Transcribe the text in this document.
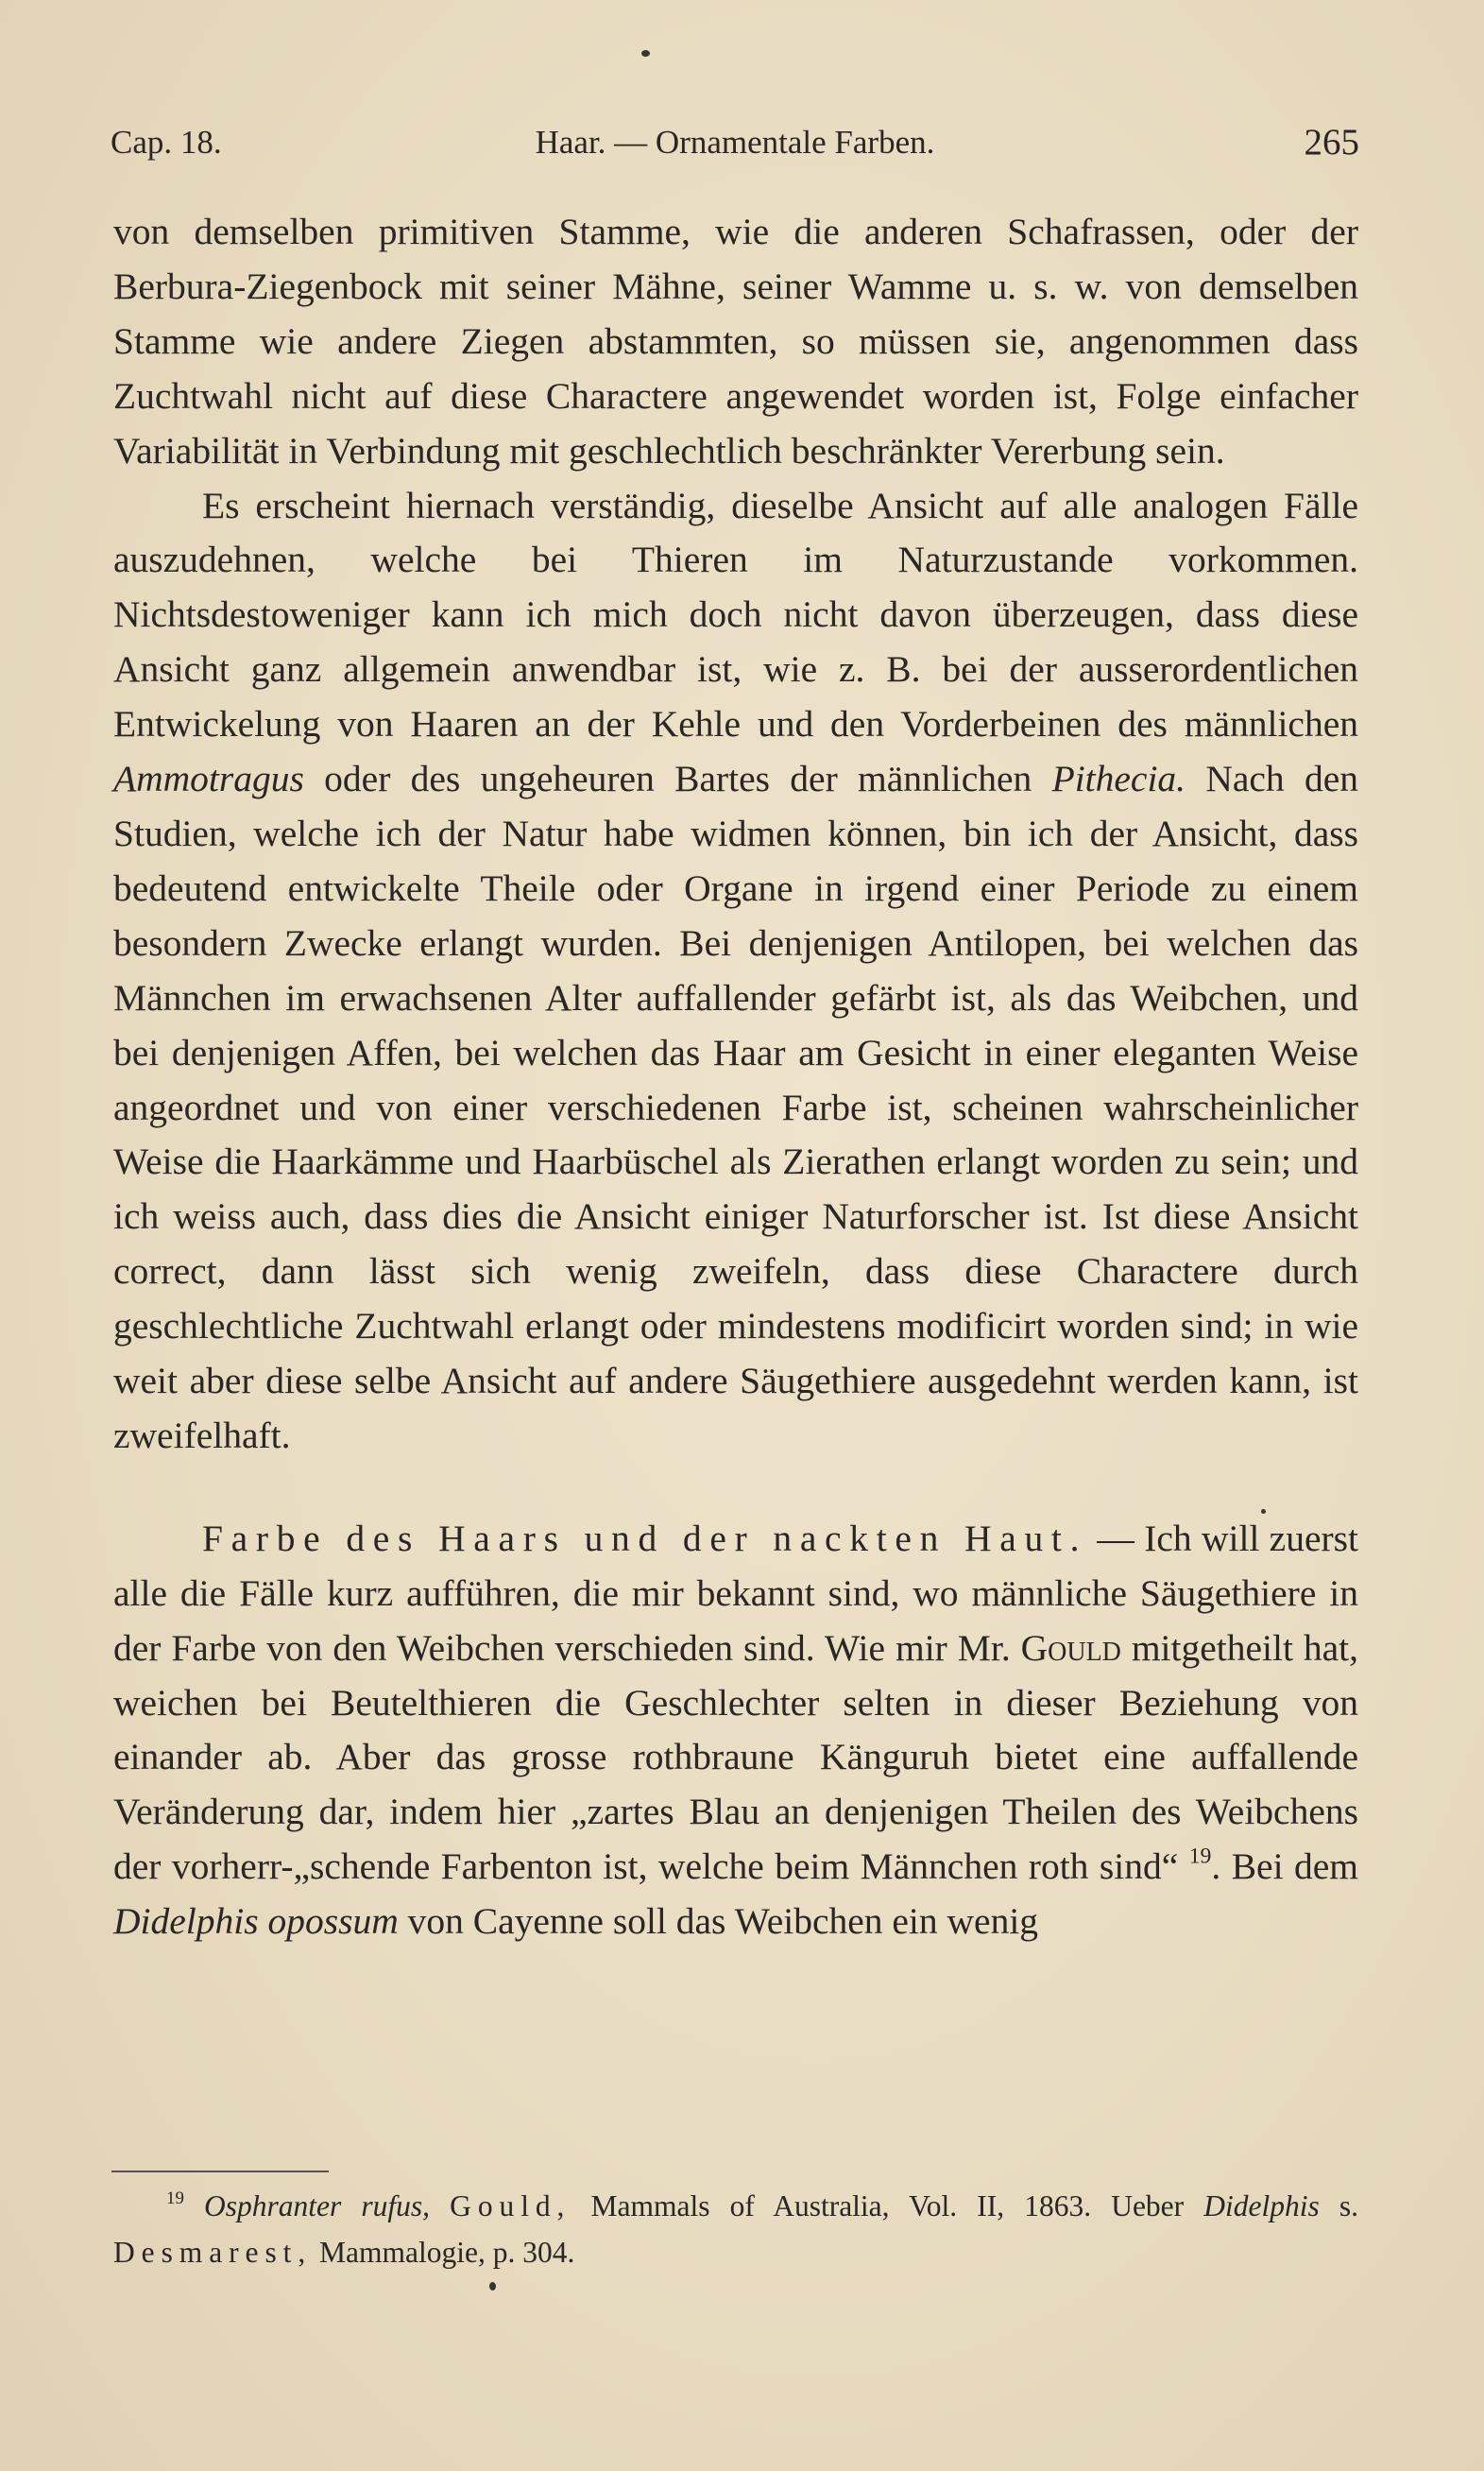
Cap. 18.	Haar. — Ornamentale Farben.	265

von demselben primitiven Stamme, wie die anderen Schafrassen, oder der Berbura-Ziegenbock mit seiner Mähne, seiner Wamme u. s. w. von demselben Stamme wie andere Ziegen abstammten, so müssen sie, angenommen dass Zuchtwahl nicht auf diese Charactere angewendet worden ist, Folge einfacher Variabilität in Verbindung mit geschlechtlich beschränkter Vererbung sein.

Es erscheint hiernach verständig, dieselbe Ansicht auf alle analogen Fälle auszudehnen, welche bei Thieren im Naturzustande vorkommen. Nichtsdestoweniger kann ich mich doch nicht davon überzeugen, dass diese Ansicht ganz allgemein anwendbar ist, wie z. B. bei der ausserordentlichen Entwickelung von Haaren an der Kehle und den Vorderbeinen des männlichen Ammotragus oder des ungeheuren Bartes der männlichen Pithecia. Nach den Studien, welche ich der Natur habe widmen können, bin ich der Ansicht, dass bedeutend entwickelte Theile oder Organe in irgend einer Periode zu einem besondern Zwecke erlangt wurden. Bei denjenigen Antilopen, bei welchen das Männchen im erwachsenen Alter auffallender gefärbt ist, als das Weibchen, und bei denjenigen Affen, bei welchen das Haar am Gesicht in einer eleganten Weise angeordnet und von einer verschiedenen Farbe ist, scheinen wahrscheinlicher Weise die Haarkämme und Haarbüschel als Zierathen erlangt worden zu sein; und ich weiss auch, dass dies die Ansicht einiger Naturforscher ist. Ist diese Ansicht correct, dann lässt sich wenig zweifeln, dass diese Charactere durch geschlechtliche Zuchtwahl erlangt oder mindestens modificirt worden sind; in wie weit aber diese selbe Ansicht auf andere Säugethiere ausgedehnt werden kann, ist zweifelhaft.

Farbe des Haars und der nackten Haut. — Ich will zuerst alle die Fälle kurz aufführen, die mir bekannt sind, wo männliche Säugethiere in der Farbe von den Weibchen verschieden sind. Wie mir Mr. Gould mitgetheilt hat, weichen bei Beutelthieren die Geschlechter selten in dieser Beziehung von einander ab. Aber das grosse rothbraune Känguruh bietet eine auffallende Veränderung dar, indem hier „zartes Blau an denjenigen Theilen des Weibchens der vorherr-„schende Farbenton ist, welche beim Männchen roth sind“ $^{19}$. Bei dem Didelphis opossum von Cayenne soll das Weibchen ein wenig

$^{19}$ Osphranter rufus, Gould, Mammals of Australia, Vol. II, 1863. Ueber Didelphis s. Desmarest, Mammalogie, p. 304.
